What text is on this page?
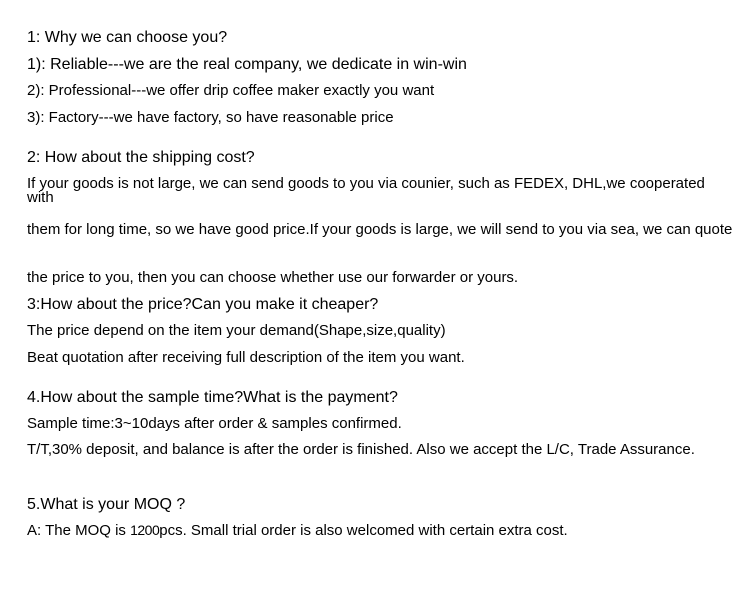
1: Why we can choose you?
1): Reliable---we are the real company, we dedicate in win-win
2): Professional---we offer drip coffee maker exactly you want
3): Factory---we have factory, so have reasonable price
2: How about the shipping cost?
If your goods is not large, we can send goods to you via counier, such as FEDEX, DHL,we cooperated with
them for long time, so we have good price.If your goods is large, we will send to you via sea, we can quote
the price to you, then you can choose whether use our forwarder or yours.
3:How about the price?Can you make it cheaper?
The price depend on the item your demand(Shape,size,quality)
Beat quotation after receiving full description of the item you want.
4.How about the sample time?What is the payment?
Sample time:3~10days after order & samples confirmed.
T/T,30% deposit, and balance is after the order is finished. Also we accept the L/C, Trade Assurance.
5.What is your MOQ ?
A: The MOQ is 1200pcs. Small trial order is also welcomed with certain extra cost.
